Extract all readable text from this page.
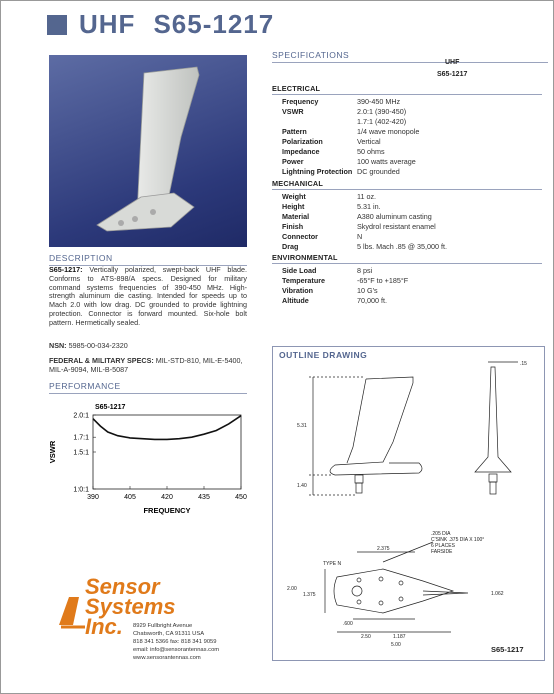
UHF S65-1217
SPECIFICATIONS
UHF
S65-1217
ELECTRICAL
Frequency	390-450 MHz
VSWR	2.0:1 (390-450)
1.7:1 (402-420)
Pattern	1/4 wave monopole
Polarization	Vertical
Impedance	50 ohms
Power	100 watts average
Lightning Protection DC grounded
MECHANICAL
Weight	11 oz.
Height	5.31 in.
Material	A380 aluminum casting
Finish	Skydrol resistant enamel
Connector	N
Drag	5 lbs. Mach .85 @ 35,000 ft.
ENVIRONMENTAL
Side Load	8 psi
Temperature	-65°F to +185°F
Vibration	10 G's
Altitude	70,000 ft.
DESCRIPTION
S65-1217: Vertically polarized, swept-back UHF blade. Conforms to ATS-898/A specs. Designed for military command systems frequencies of 390-450 MHz. High-strength aluminum die casting. Intended for speeds up to Mach 2.0 with low drag. DC grounded to provide lightning protection. Connector is forward mounted. Six-hole bolt pattern. Hermetically sealed.
NSN: 5985-00-034-2320
FEDERAL & MILITARY SPECS: MIL-STD-810, MIL-E-5400, MIL-A-9094, MIL-B-5087
PERFORMANCE
S65-1217
2.0:1
1.7:1
1.5:1
1:0:1
390	405	420	435	450
FREQUENCY
VSWR
OUTLINE DRAWING
5.31
1.40
.15
2.375
TYPE N
.205 DIA
C'SINK .375 DIA X 100°
6 PLACES
FARSIDE
2.00
1.375
.600
2.50	1.187
1.062
5.00	S65-1217
Sensor
Systems
Inc. 8929 Fullbright Avenue
Chatsworth, CA 91311 USA
818 341 5366 fax: 818 341 9059
email: info@sensorantennas.com
www.sensorantennas.com
